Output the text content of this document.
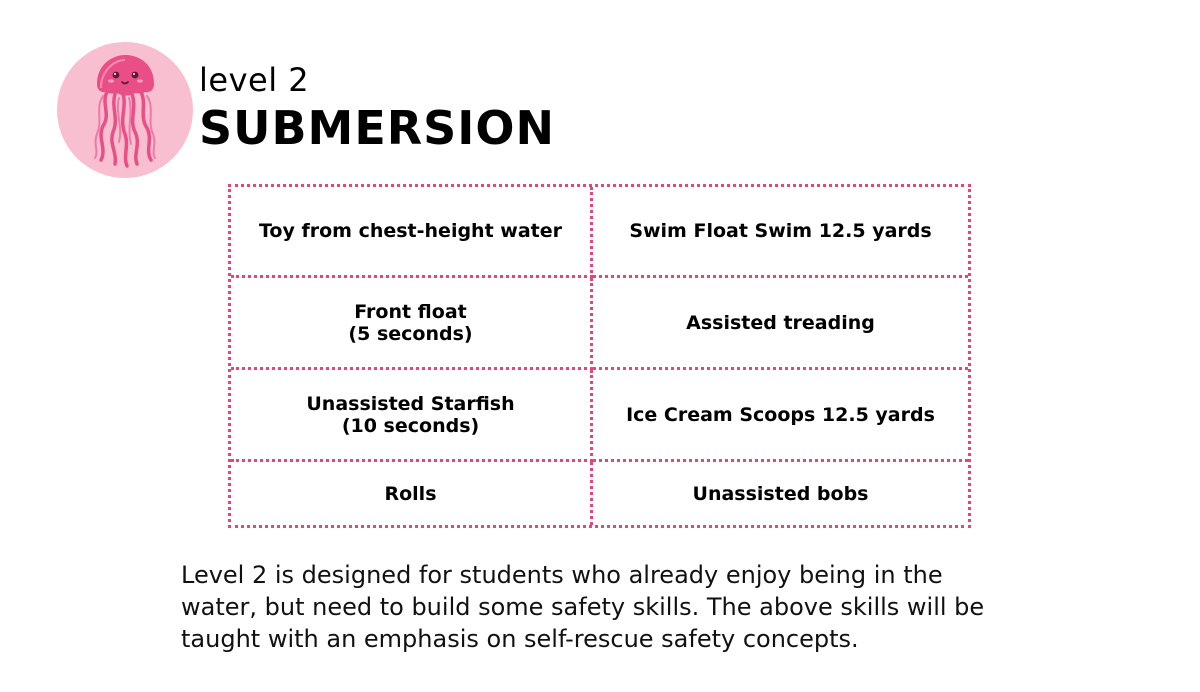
level 2
SUBMERSION
Toy from chest-height water	Swim Float Swim 12.5 yards
Front float
(5 seconds)	Assisted treading
Unassisted Starfish
(10 seconds)	Ice Cream Scoops 12.5 yards
Rolls	Unassisted bobs

Level 2 is designed for students who already enjoy being in the
water, but need to build some safety skills. The above skills will be
taught with an emphasis on self-rescue safety concepts.
